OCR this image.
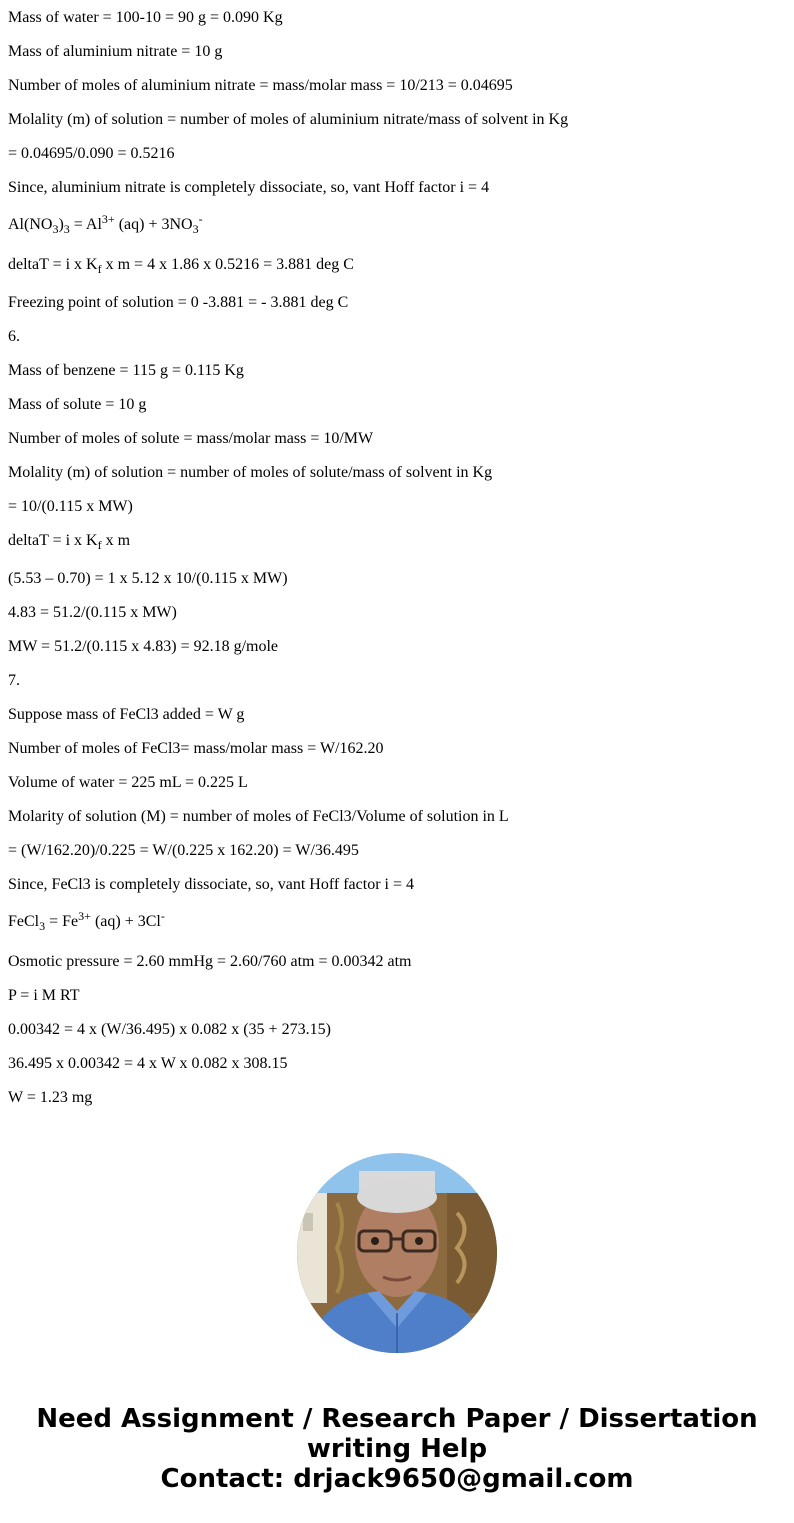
Mass of water = 100-10 = 90 g = 0.090 Kg

Mass of aluminium nitrate = 10 g

Number of moles of aluminium nitrate = mass/molar mass = 10/213 = 0.04695

Molality (m) of solution = number of moles of aluminium nitrate/mass of solvent in Kg

= 0.04695/0.090 = 0.5216

Since, aluminium nitrate is completely dissociate, so, vant Hoff factor i = 4

$Al(NO_3)_3 = Al^{3+}$ $(aq) + 3NO_3^-$

deltaT = i x $K_f$ x m = 4 x 1.86 x 0.5216 = 3.881 deg C

Freezing point of solution = 0 -3.881 = - 3.881 deg C

6.

Mass of benzene = 115 g = 0.115 Kg

Mass of solute = 10 g

Number of moles of solute = mass/molar mass = 10/MW

Molality (m) of solution = number of moles of solute/mass of solvent in Kg

= 10/(0.115 x MW)

deltaT = i x $K_f$ x m

(5.53 – 0.70) = 1 x 5.12 x 10/(0.115 x MW)

4.83 = 51.2/(0.115 x MW)

MW = 51.2/(0.115 x 4.83) = 92.18 g/mole

7.

Suppose mass of FeCl3 added = W g

Number of moles of FeCl3= mass/molar mass = W/162.20

Volume of water = 225 mL = 0.225 L

Molarity of solution (M) = number of moles of FeCl3/Volume of solution in L

= (W/162.20)/0.225 = W/(0.225 x 162.20) = W/36.495

Since, FeCl3 is completely dissociate, so, vant Hoff factor i = 4

FeCl$_3$ = $Fe^{3+}$ (aq) + 3Cl-

Osmotic pressure = 2.60 mmHg = 2.60/760 atm = 0.00342 atm

P = i M RT

0.00342 = 4 x (W/36.495) x 0.082 x (35 + 273.15)

36.495 x 0.00342 = 4 x W x 0.082 x 308.15

W = 1.23 mg

Need Assignment / Research Paper / Dissertation
writing Help
Contact: drjack9650@gmail.com
